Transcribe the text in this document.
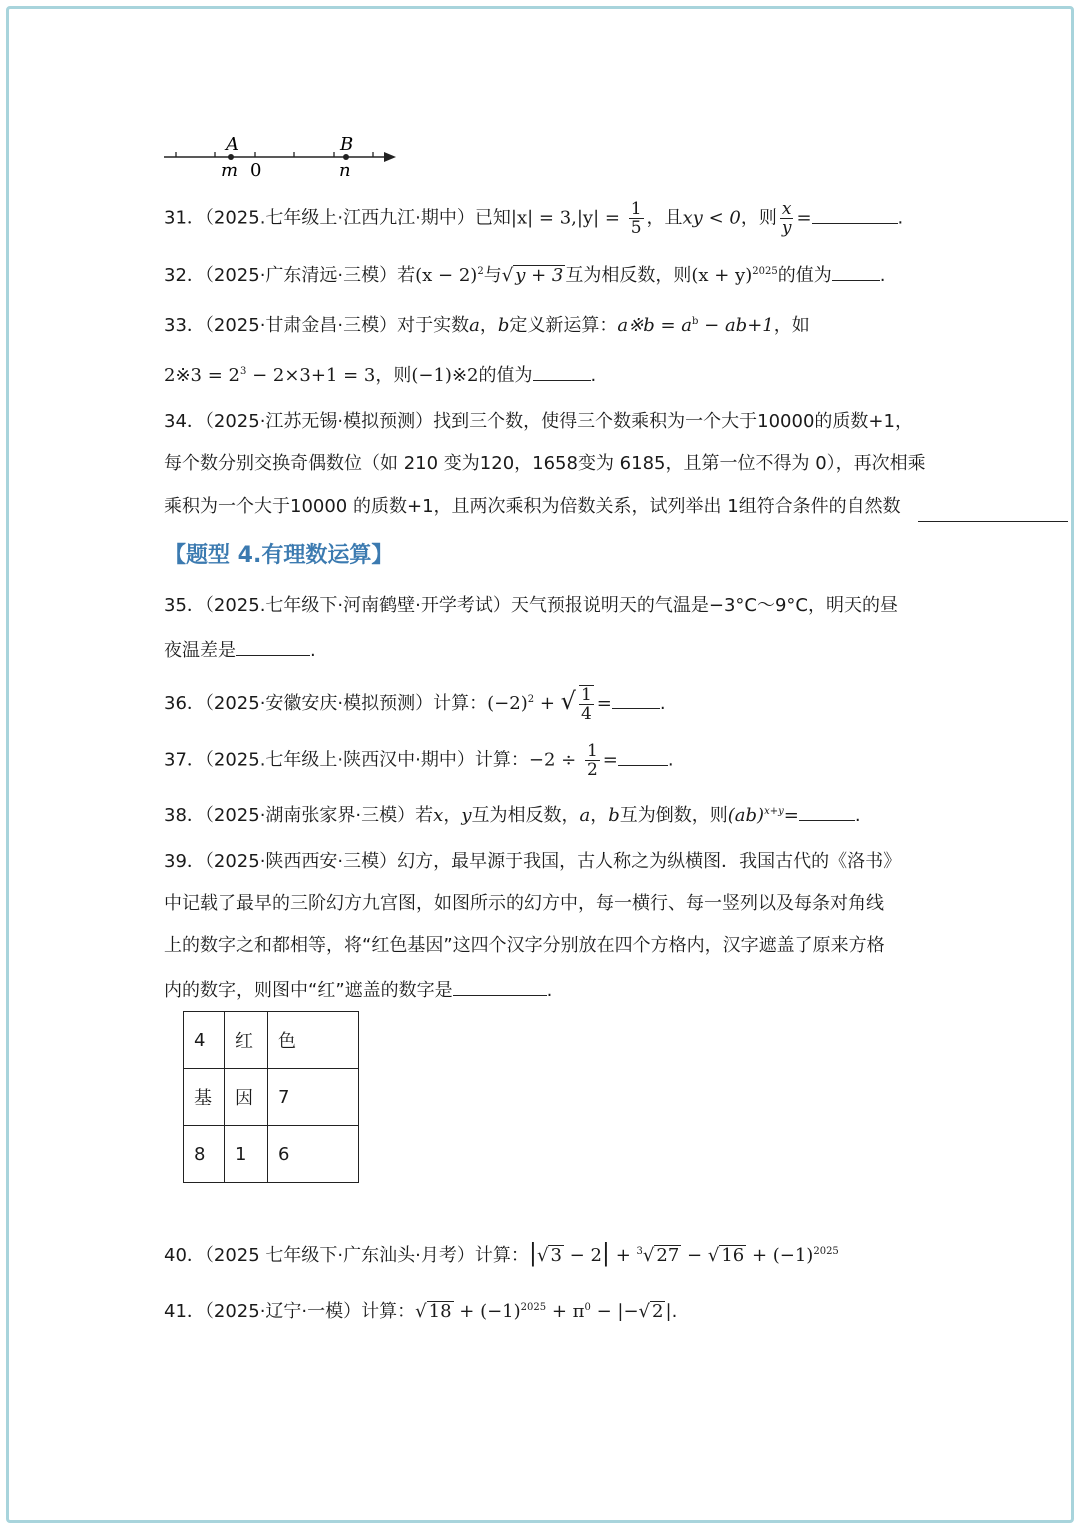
A	B
m 0	n
31．（2025.七年级上·江西九江·期中）已知$|x| = 3,|y| = \frac{1}{5}$ ，且xy < 0，则 $\frac{x}{y}$ =	.
32．（2025·广东清远·三模）若$(x - 2)^2$与√ y + 3 互为相反数，则$(x + y)^{2025}$的值为	.
33．（2025·甘肃金昌·三模）对于实数a，b定义新运算：a※b = $a^b - ab+1$，如
2※3 = $2^3 - 2\times 3+1 = 3$，则(−1)※2的值为	.
34．（2025·江苏无锡·模拟预测）找到三个数，使得三个数乘积为一个大于10000的质数+1，
每个数分别交换奇偶数位（如 210 变为120，1658变为 6185，且第一位不得为 0），再次相乘
乘积为一个大于10000 的质数+1，且两次乘积为倍数关系，试列举出 1组符合条件的自然数
【题型 4.有理数运算】
35．（2025.七年级下·河南鹤壁·开学考试）天气预报说明天的气温是−3°C～9°C，明天的昼
夜温差是	.
36．（2025·安徽安庆·模拟预测）计算：$(-2)^2$ + √ $\frac{1}{4}$ =	.
37．（2025.七年级上·陕西汉中·期中）计算：$-2 \div \frac{1}{2}$ =	.
38．（2025·湖南张家界·三模）若x，y互为相反数，a，b互为倒数，则(ab)$^{x+y}$=	.
39．（2025·陕西西安·三模）幻方，最早源于我国，古人称之为纵横图．我国古代的《洛书》
中记载了最早的三阶幻方九宫图，如图所示的幻方中，每一横行、每一竖列以及每条对角线
上的数字之和都相等，将“红色基因”这四个汉字分别放在四个方格内，汉字遮盖了原来方格
内的数字，则图中“红”遮盖的数字是	.
4	红	色
基	因	7
8	1	6
40．（2025 七年级下·广东汕头·月考）计算：|√ 3 − 2| + $^3$√ 27 − √ $16 + (-1)^{2025}$
41．（2025·辽宁·一模）计算：√ $18 + (-1)^{2025} + \pi^0$ − |−√ 2 |.
